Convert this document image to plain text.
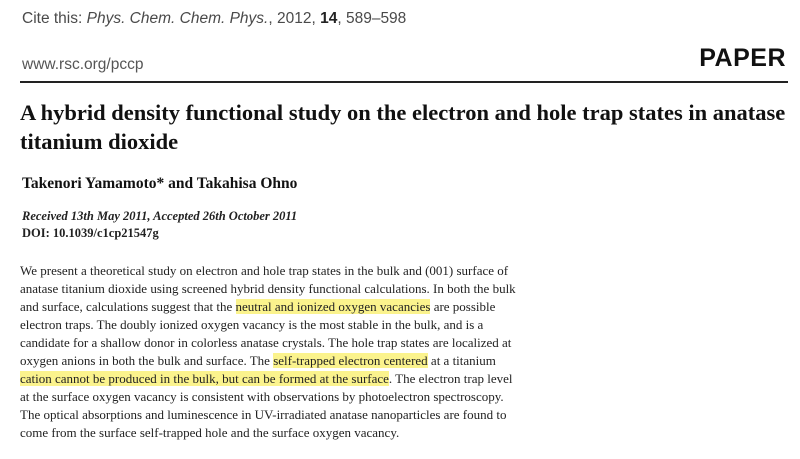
Cite this: Phys. Chem. Chem. Phys., 2012, 14, 589–598
www.rsc.org/pccp	PAPER
A hybrid density functional study on the electron and hole trap states in anatase titanium dioxide
Takenori Yamamoto* and Takahisa Ohno
Received 13th May 2011, Accepted 26th October 2011
DOI: 10.1039/c1cp21547g
We present a theoretical study on electron and hole trap states in the bulk and (001) surface of
anatase titanium dioxide using screened hybrid density functional calculations. In both the bulk
and surface, calculations suggest that the neutral and ionized oxygen vacancies are possible
electron traps. The doubly ionized oxygen vacancy is the most stable in the bulk, and is a
candidate for a shallow donor in colorless anatase crystals. The hole trap states are localized at
oxygen anions in both the bulk and surface. The self-trapped electron centered at a titanium
cation cannot be produced in the bulk, but can be formed at the surface. The electron trap level
at the surface oxygen vacancy is consistent with observations by photoelectron spectroscopy.
The optical absorptions and luminescence in UV-irradiated anatase nanoparticles are found to
come from the surface self-trapped hole and the surface oxygen vacancy.
